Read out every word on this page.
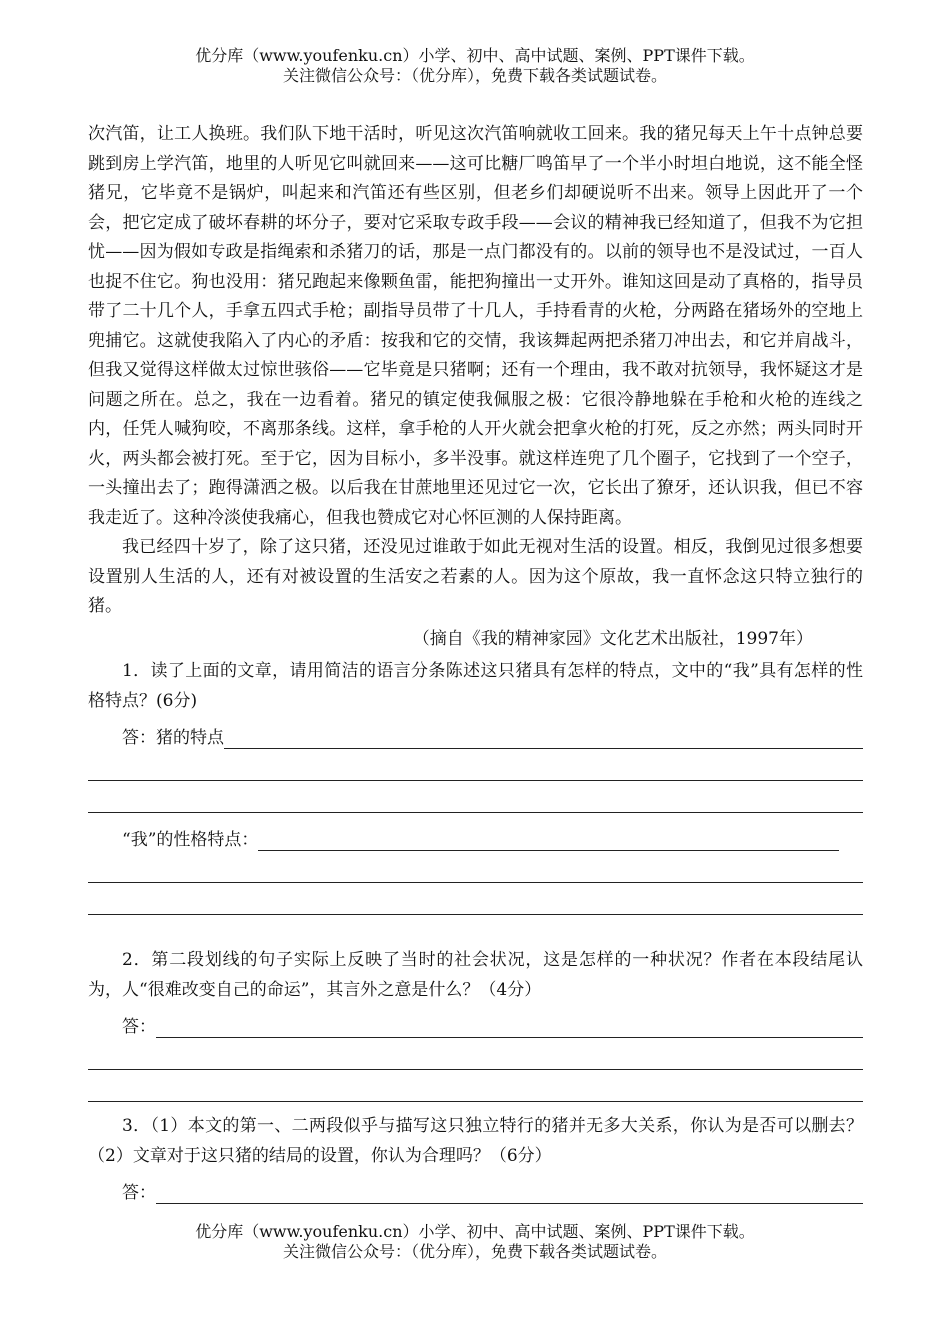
优分库（www.youfenku.cn）小学、初中、高中试题、案例、PPT课件下载。
关注微信公众号：（优分库），免费下载各类试题试卷。

次汽笛，让工人换班。我们队下地干活时，听见这次汽笛响就收工回来。我的猪兄每天上午十点钟总要跳到房上学汽笛，地里的人听见它叫就回来——这可比糖厂鸣笛早了一个半小时坦白地说，这不能全怪猪兄，它毕竟不是锅炉，叫起来和汽笛还有些区别，但老乡们却硬说听不出来。领导上因此开了一个会，把它定成了破坏春耕的坏分子，要对它采取专政手段——会议的精神我已经知道了，但我不为它担忧——因为假如专政是指绳索和杀猪刀的话，那是一点门都没有的。以前的领导也不是没试过，一百人也捉不住它。狗也没用：猪兄跑起来像颗鱼雷，能把狗撞出一丈开外。谁知这回是动了真格的，指导员带了二十几个人，手拿五四式手枪；副指导员带了十几人，手持看青的火枪，分两路在猪场外的空地上兜捕它。这就使我陷入了内心的矛盾：按我和它的交情，我该舞起两把杀猪刀冲出去，和它并肩战斗，但我又觉得这样做太过惊世骇俗——它毕竟是只猪啊；还有一个理由，我不敢对抗领导，我怀疑这才是问题之所在。总之，我在一边看着。猪兄的镇定使我佩服之极：它很冷静地躲在手枪和火枪的连线之内，任凭人喊狗咬，不离那条线。这样，拿手枪的人开火就会把拿火枪的打死，反之亦然；两头同时开火，两头都会被打死。至于它，因为目标小，多半没事。就这样连兜了几个圈子，它找到了一个空子，一头撞出去了；跑得潇洒之极。以后我在甘蔗地里还见过它一次，它长出了獠牙，还认识我，但已不容我走近了。这种冷淡使我痛心，但我也赞成它对心怀叵测的人保持距离。

我已经四十岁了，除了这只猪，还没见过谁敢于如此无视对生活的设置。相反，我倒见过很多想要设置别人生活的人，还有对被设置的生活安之若素的人。因为这个原故，我一直怀念这只特立独行的猪。

（摘自《我的精神家园》文化艺术出版社，1997年）

1．读了上面的文章，请用简洁的语言分条陈述这只猪具有怎样的特点，文中的“我”具有怎样的性格特点？(6分)

答：猪的特点
“我”的性格特点：

2．第二段划线的句子实际上反映了当时的社会状况，这是怎样的一种状况？作者在本段结尾认为，人“很难改变自己的命运”，其言外之意是什么？（4分）

答：

3．（1）本文的第一、二两段似乎与描写这只独立特行的猪并无多大关系，你认为是否可以删去？（2）文章对于这只猪的结局的设置，你认为合理吗？（6分）

答：
优分库（www.youfenku.cn）小学、初中、高中试题、案例、PPT课件下载。
关注微信公众号：（优分库），免费下载各类试题试卷。
